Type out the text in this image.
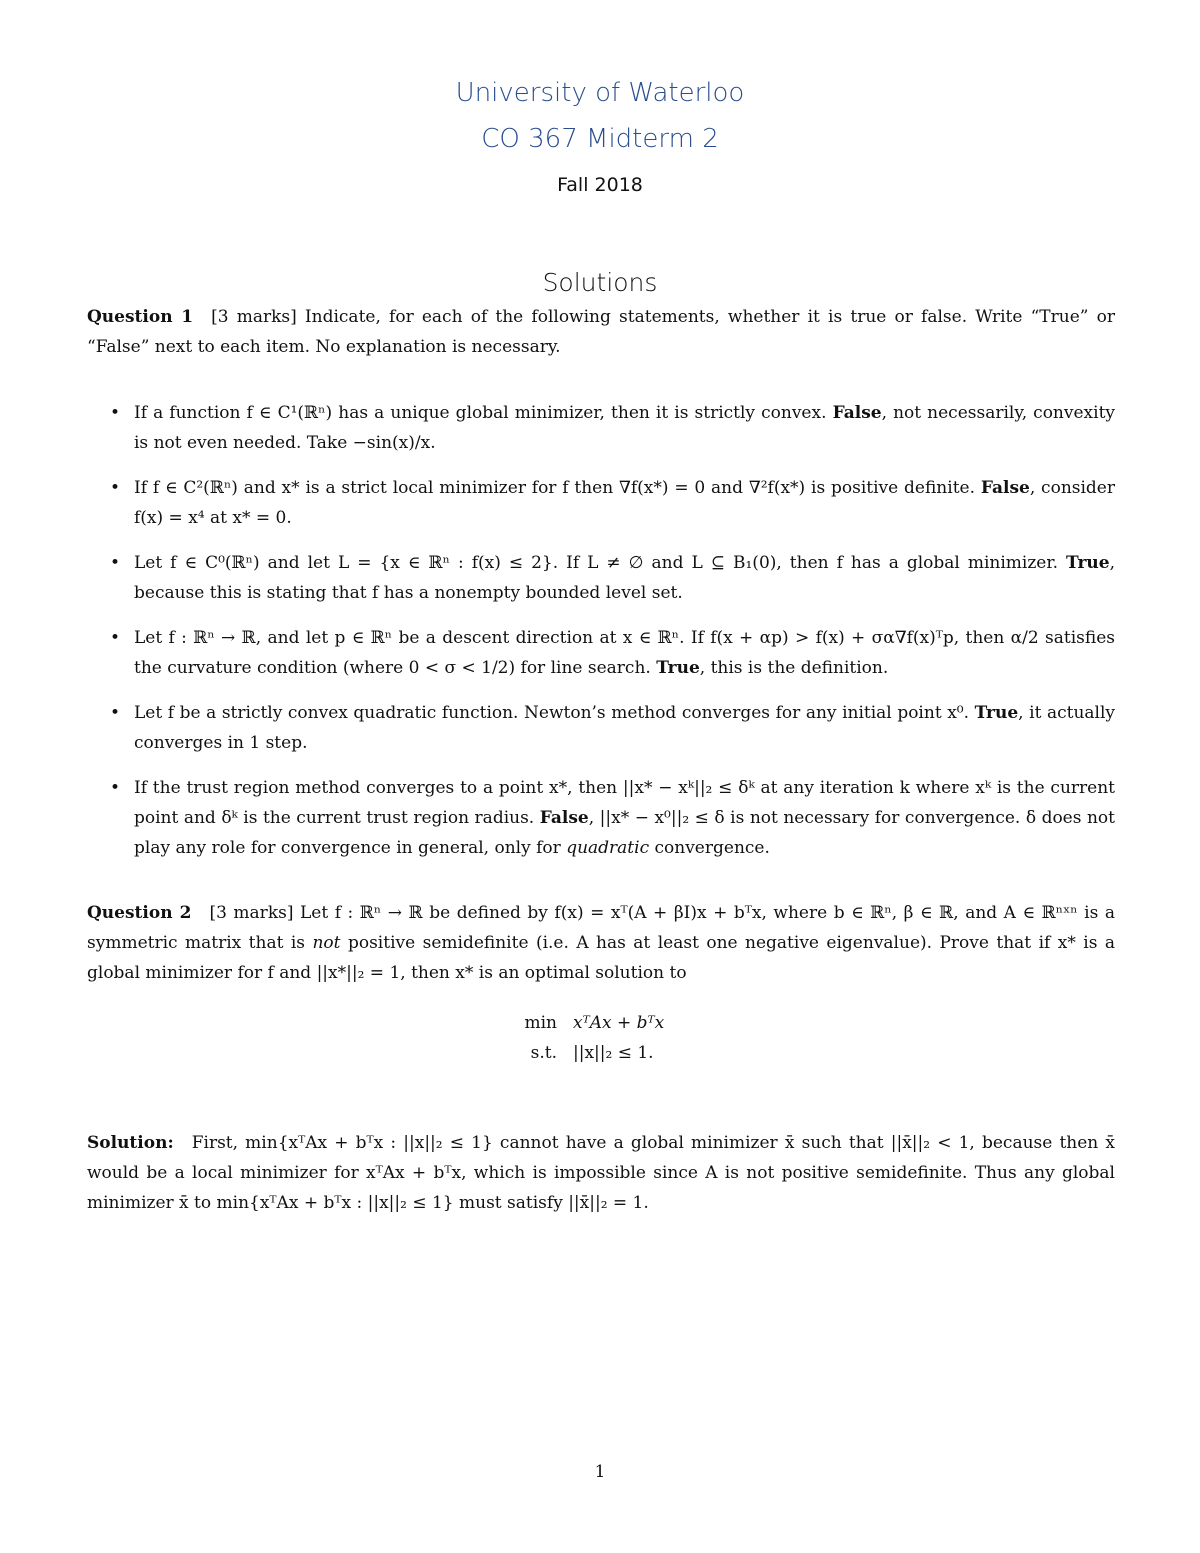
University of Waterloo
CO 367 Midterm 2
Fall 2018
Solutions
Question 1 [3 marks] Indicate, for each of the following statements, whether it is true or false. Write “True” or “False” next to each item. No explanation is necessary.
• If a function f ∈ C¹(ℝⁿ) has a unique global minimizer, then it is strictly convex. False, not necessarily, convexity is not even needed. Take −sin(x)/x.
• If f ∈ C²(ℝⁿ) and x* is a strict local minimizer for f then ∇f(x*) = 0 and ∇²f(x*) is positive definite. False, consider f(x) = x⁴ at x* = 0.
• Let f ∈ C⁰(ℝⁿ) and let L = {x ∈ ℝⁿ : f(x) ≤ 2}. If L ≠ ∅ and L ⊆ B₁(0), then f has a global minimizer. True, because this is stating that f has a nonempty bounded level set.
• Let f : ℝⁿ → ℝ, and let p ∈ ℝⁿ be a descent direction at x ∈ ℝⁿ. If f(x + αp) > f(x) + σα∇f(x)ᵀp, then α/2 satisfies the curvature condition (where 0 < σ < 1/2) for line search. True, this is the definition.
• Let f be a strictly convex quadratic function. Newton’s method converges for any initial point x⁰. True, it actually converges in 1 step.
• If the trust region method converges to a point x*, then ||x* − xᵏ||₂ ≤ δᵏ at any iteration k where xᵏ is the current point and δᵏ is the current trust region radius. False, ||x* − x⁰||₂ ≤ δ is not necessary for convergence. δ does not play any role for convergence in general, only for quadratic convergence.
Question 2 [3 marks] Let f : ℝⁿ → ℝ be defined by f(x) = xᵀ(A + βI)x + bᵀx, where b ∈ ℝⁿ, β ∈ ℝ, and A ∈ ℝⁿˣⁿ is a symmetric matrix that is not positive semidefinite (i.e. A has at least one negative eigenvalue). Prove that if x* is a global minimizer for f and ||x*||₂ = 1, then x* is an optimal solution to
min xᵀAx + bᵀx
s.t. ||x||₂ ≤ 1.
Solution: First, min{xᵀAx + bᵀx : ||x||₂ ≤ 1} cannot have a global minimizer x̄ such that ||x̄||₂ < 1, because then x̄ would be a local minimizer for xᵀAx + bᵀx, which is impossible since A is not positive semidefinite. Thus any global minimizer x̄ to min{xᵀAx + bᵀx : ||x||₂ ≤ 1} must satisfy ||x̄||₂ = 1.
1
